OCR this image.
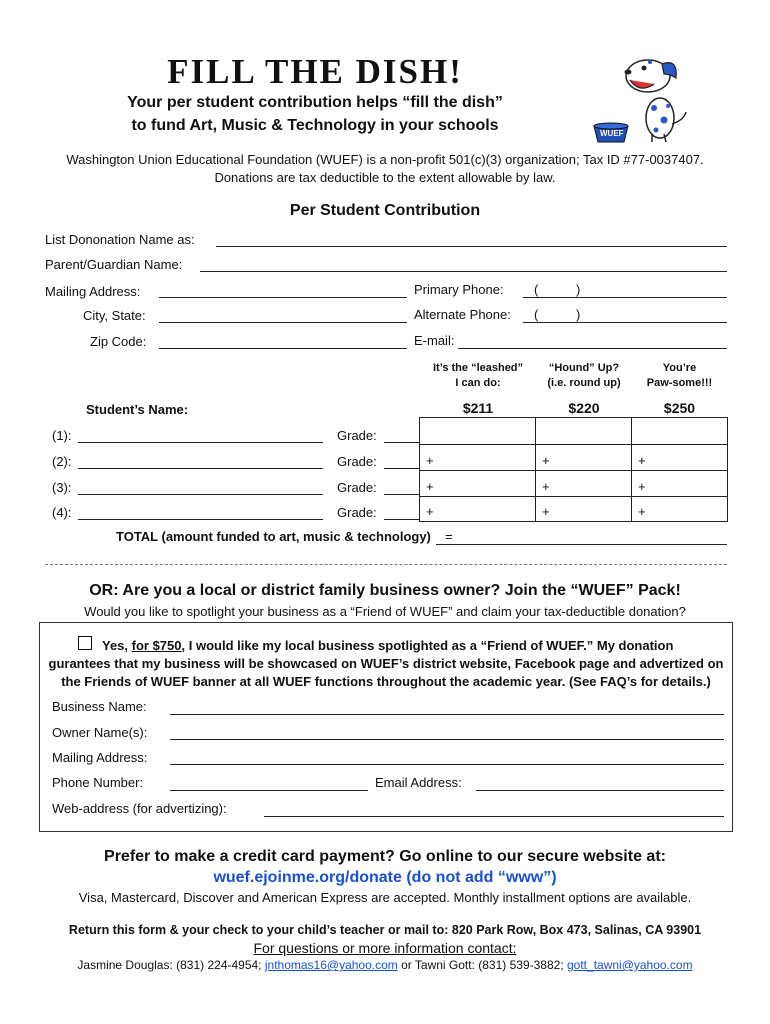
FILL THE DISH!
Your per student contribution helps “fill the dish”
to fund Art, Music & Technology in your schools	WUEF
Washington Union Educational Foundation (WUEF) is a non-profit 501(c)(3) organization; Tax ID #77-0037407.
Donations are tax deductible to the extent allowable by law.
Per Student Contribution
List Dononation Name as:
Parent/Guardian Name:
Mailing Address:
City, State:
Zip Code:
Primary Phone: (	)
Alternate Phone: (	)
E-mail:
It’s the “leashed”
I can do:
“Hound” Up?
(i.e. round up)
You’re
Paw-some!!!
Student’s Name:	$211	$220	$250
(1):	Grade:
(2):	Grade:	+	+	+
(3):	Grade:	+	+	+
(4):	Grade:	+	+	+
TOTAL (amount funded to art, music & technology) =
OR: Are you a local or district family business owner? Join the “WUEF” Pack!
Would you like to spotlight your business as a “Friend of WUEF” and claim your tax-deductible donation?
Yes, for $750, I would like my local business spotlighted as a “Friend of WUEF.” My donation
gurantees that my business will be showcased on WUEF’s district website, Facebook page and advertized on
the Friends of WUEF banner at all WUEF functions throughout the academic year. (See FAQ’s for details.)
Business Name:
Owner Name(s):
Mailing Address:
Phone Number:	Email Address:
Web-address (for advertizing):
Prefer to make a credit card payment? Go online to our secure website at:
wuef.ejoinme.org/donate (do not add “www”)
Visa, Mastercard, Discover and American Express are accepted. Monthly installment options are available.
Return this form & your check to your child’s teacher or mail to: 820 Park Row, Box 473, Salinas, CA 93901
For questions or more information contact:
Jasmine Douglas: (831) 224-4954; jnthomas16@yahoo.com or Tawni Gott: (831) 539-3882; gott_tawni@yahoo.com
